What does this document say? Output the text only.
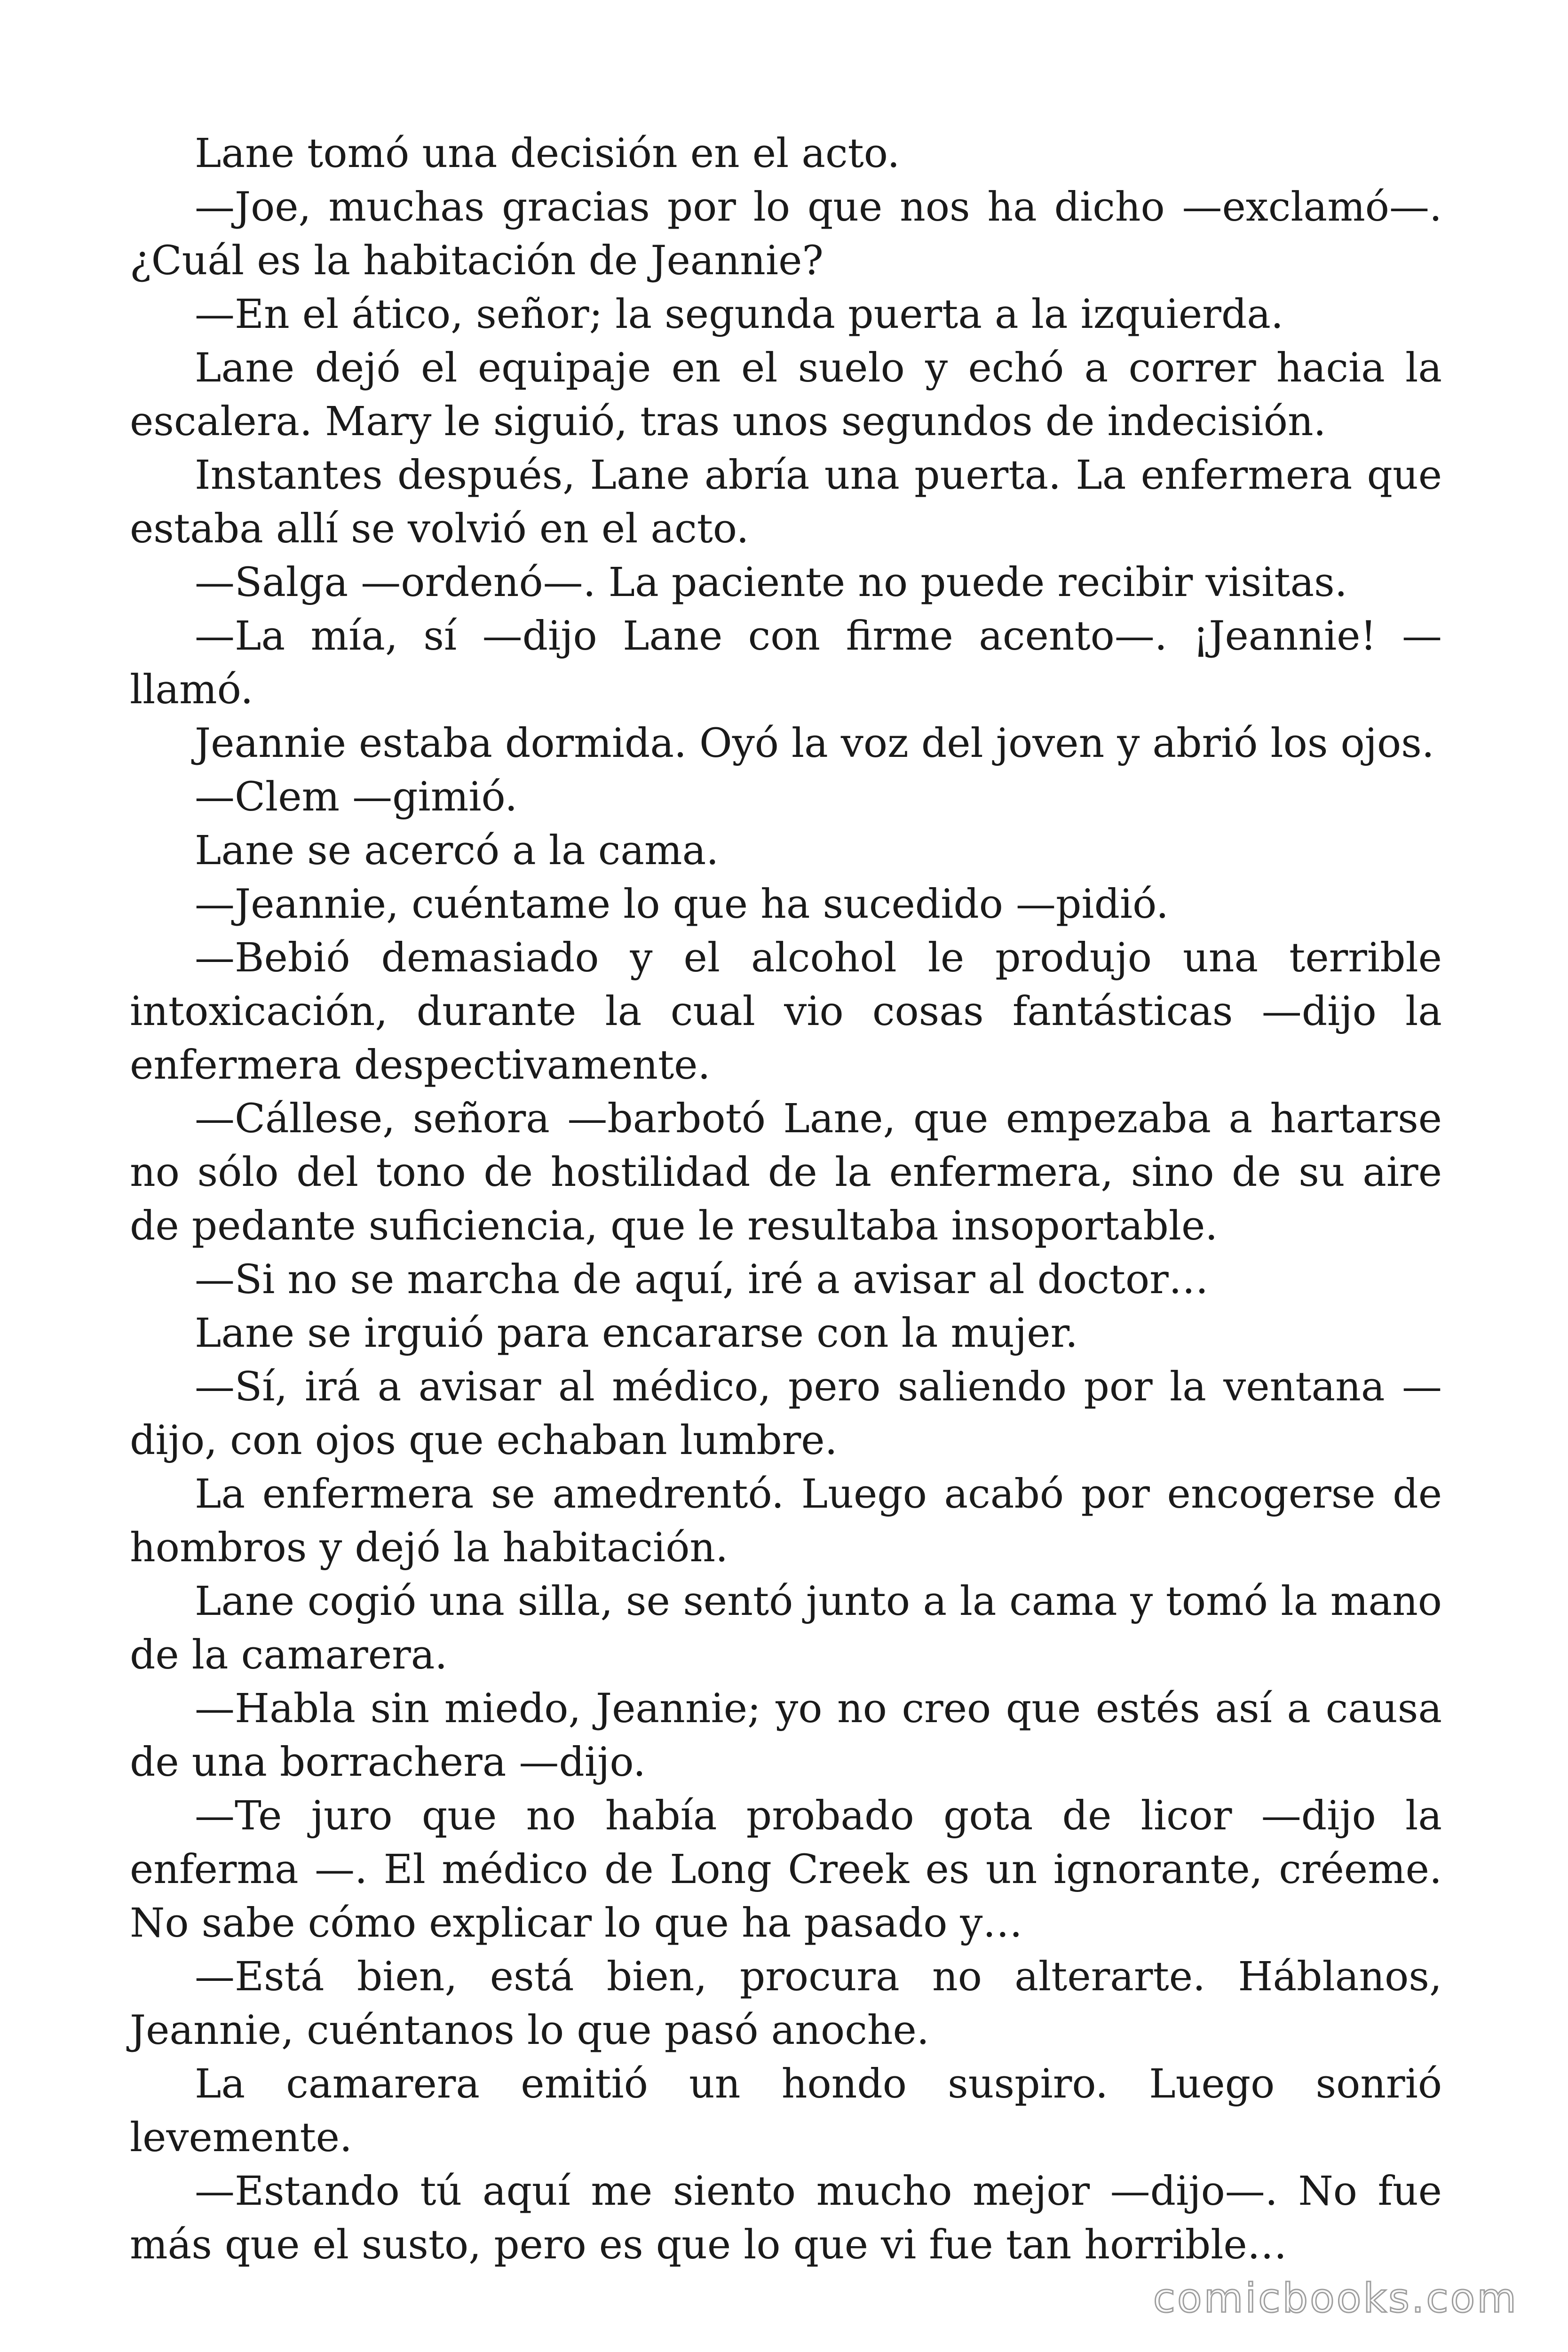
Lane tomó una decisión en el acto.

—Joe, muchas gracias por lo que nos ha dicho —exclamó—. ¿Cuál es la habitación de Jeannie?

—En el ático, señor; la segunda puerta a la izquierda.

Lane dejó el equipaje en el suelo y echó a correr hacia la escalera. Mary le siguió, tras unos segundos de indecisión.

Instantes después, Lane abría una puerta. La enfermera que estaba allí se volvió en el acto.

—Salga —ordenó—. La paciente no puede recibir visitas.

—La mía, sí —dijo Lane con firme acento—. ¡Jeannie! —llamó.

Jeannie estaba dormida. Oyó la voz del joven y abrió los ojos.

—Clem —gimió.

Lane se acercó a la cama.

—Jeannie, cuéntame lo que ha sucedido —pidió.

—Bebió demasiado y el alcohol le produjo una terrible intoxicación, durante la cual vio cosas fantásticas —dijo la enfermera despectivamente.

—Cállese, señora —barbotó Lane, que empezaba a hartarse no sólo del tono de hostilidad de la enfermera, sino de su aire de pedante suficiencia, que le resultaba insoportable.

—Si no se marcha de aquí, iré a avisar al doctor…

Lane se irguió para encararse con la mujer.

—Sí, irá a avisar al médico, pero saliendo por la ventana —dijo, con ojos que echaban lumbre.

La enfermera se amedrentó. Luego acabó por encogerse de hombros y dejó la habitación.

Lane cogió una silla, se sentó junto a la cama y tomó la mano de la camarera.

—Habla sin miedo, Jeannie; yo no creo que estés así a causa de una borrachera —dijo.

—Te juro que no había probado gota de licor —dijo la enferma —. El médico de Long Creek es un ignorante, créeme. No sabe cómo explicar lo que ha pasado y…

—Está bien, está bien, procura no alterarte. Háblanos, Jeannie, cuéntanos lo que pasó anoche.

La camarera emitió un hondo suspiro. Luego sonrió levemente.

—Estando tú aquí me siento mucho mejor —dijo—. No fue más que el susto, pero es que lo que vi fue tan horrible…

comicbooks.com
